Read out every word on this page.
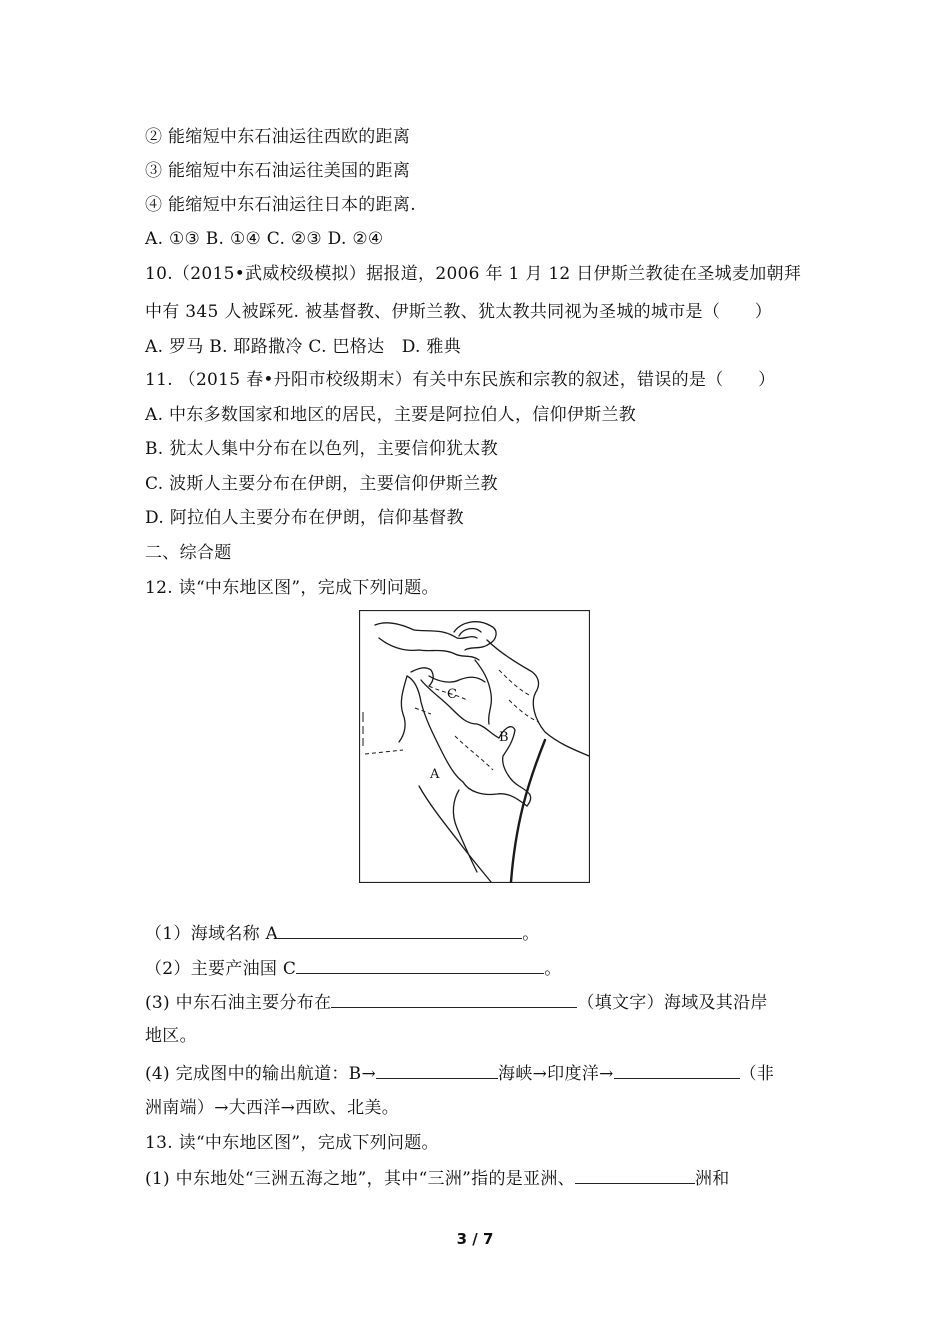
② 能缩短中东石油运往西欧的距离
③ 能缩短中东石油运往美国的距离
④ 能缩短中东石油运往日本的距离.
A. ①③ B. ①④ C. ②③ D. ②④
10.（2015•武威校级模拟）据报道，2006 年 1 月 12 日伊斯兰教徒在圣城麦加朝拜
中有 345 人被踩死. 被基督教、伊斯兰教、犹太教共同视为圣城的城市是（　　）
A. 罗马 B. 耶路撒冷 C. 巴格达　D. 雅典
11. （2015 春•丹阳市校级期末）有关中东民族和宗教的叙述，错误的是（　　）
A. 中东多数国家和地区的居民，主要是阿拉伯人，信仰伊斯兰教
B. 犹太人集中分布在以色列，主要信仰犹太教
C. 波斯人主要分布在伊朗，主要信仰伊斯兰教
D. 阿拉伯人主要分布在伊朗，信仰基督教
二、综合题
12. 读“中东地区图”，完成下列问题。
C
B
A
（1）海域名称 A	。
（2）主要产油国 C	。
(3) 中东石油主要分布在	（填文字）海域及其沿岸
地区。
(4) 完成图中的输出航道：B→	海峡→印度洋→	（非
洲南端）→大西洋→西欧、北美。
13. 读“中东地区图”，完成下列问题。
(1) 中东地处“三洲五海之地”，其中“三洲”指的是亚洲、	洲和
3 / 7
